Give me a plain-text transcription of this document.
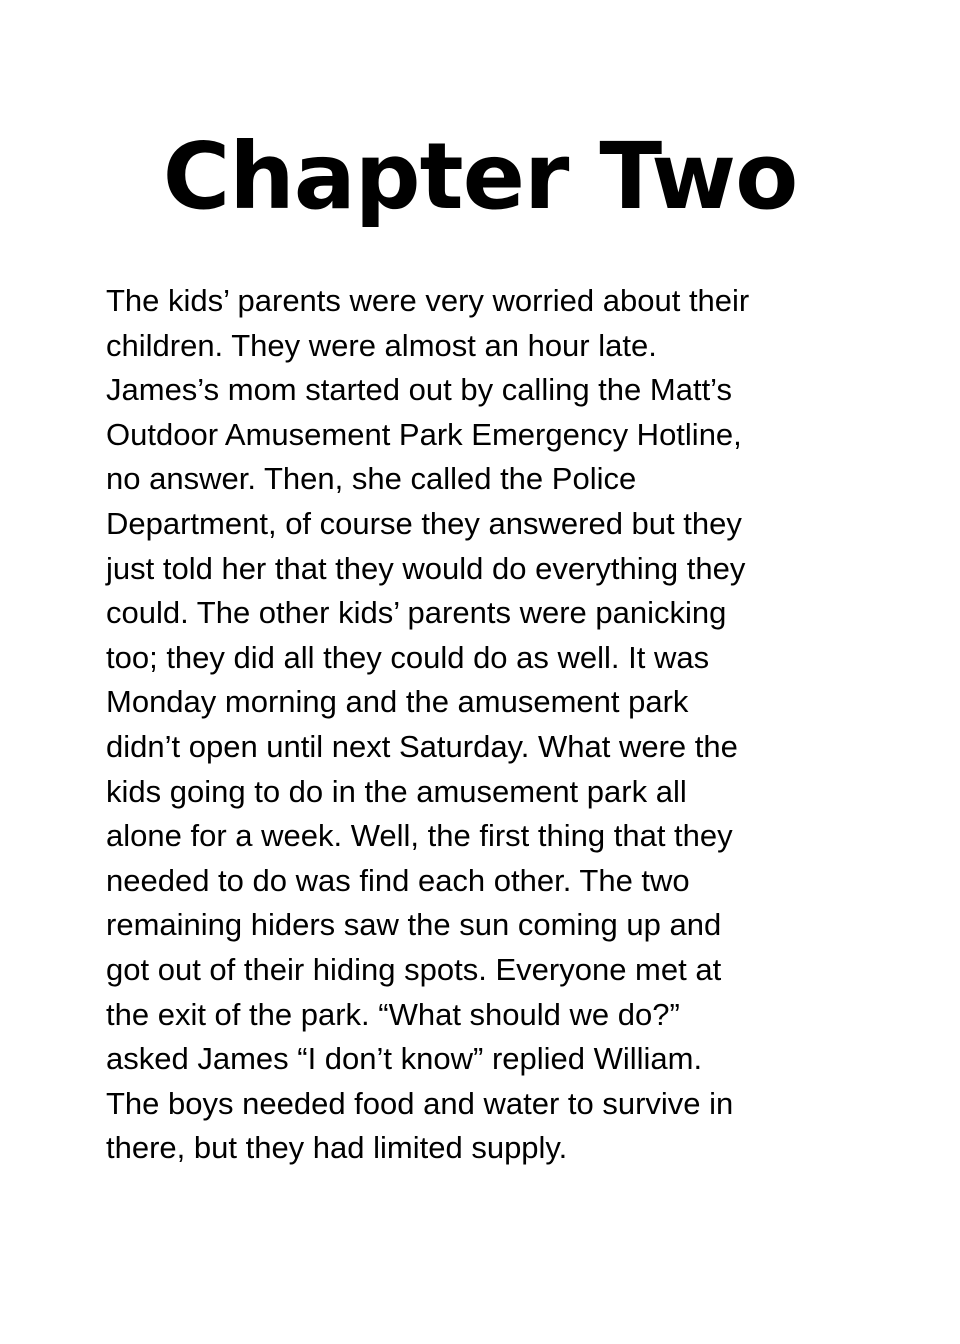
Chapter Two
The kids’ parents were very worried about their
children. They were almost an hour late.
James’s mom started out by calling the Matt’s
Outdoor Amusement Park Emergency Hotline,
no answer. Then, she called the Police
Department, of course they answered but they
just told her that they would do everything they
could. The other kids’ parents were panicking
too; they did all they could do as well. It was
Monday morning and the amusement park
didn’t open until next Saturday. What were the
kids going to do in the amusement park all
alone for a week. Well, the first thing that they
needed to do was find each other. The two
remaining hiders saw the sun coming up and
got out of their hiding spots. Everyone met at
the exit of the park. “What should we do?”
asked James “I don’t know” replied William.
The boys needed food and water to survive in
there, but they had limited supply.
